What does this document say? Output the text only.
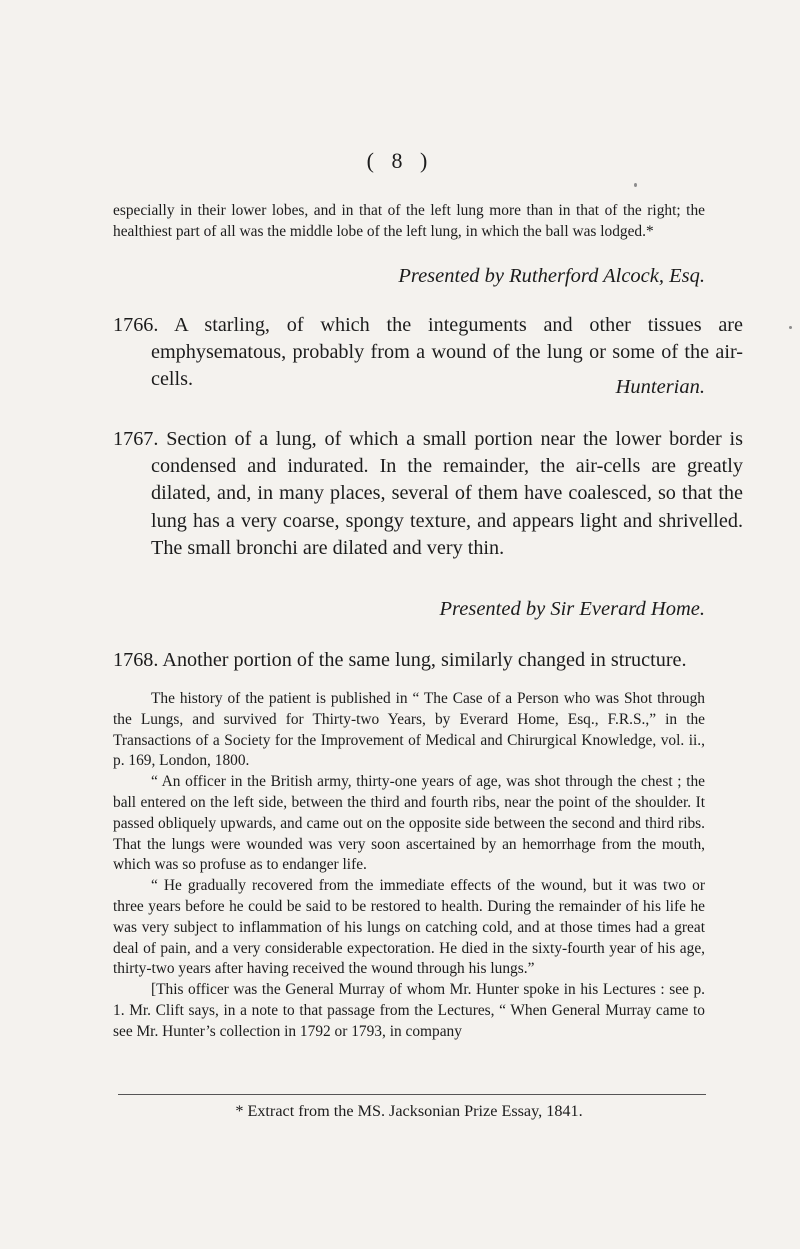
( 8 )

especially in their lower lobes, and in that of the left lung more than in that of the right; the healthiest part of all was the middle lobe of the left lung, in which the ball was lodged.*

Presented by Rutherford Alcock, Esq.
1766. A starling, of which the integuments and other tissues are emphysematous, probably from a wound of the lung or some of the air-cells.	Hunterian.
1767. Section of a lung, of which a small portion near the lower border is condensed and indurated. In the remainder, the air-cells are greatly dilated, and, in many places, several of them have coalesced, so that the lung has a very coarse, spongy texture, and appears light and shrivelled. The small bronchi are dilated and very thin.
Presented by Sir Everard Home.
1768. Another portion of the same lung, similarly changed in structure.

The history of the patient is published in “ The Case of a Person who was Shot through the Lungs, and survived for Thirty-two Years, by Everard Home, Esq., F.R.S.,” in the Transactions of a Society for the Improvement of Medical and Chirurgical Knowledge, vol. ii., p. 169, London, 1800.

“ An officer in the British army, thirty-one years of age, was shot through the chest ; the ball entered on the left side, between the third and fourth ribs, near the point of the shoulder. It passed obliquely upwards, and came out on the opposite side between the second and third ribs. That the lungs were wounded was very soon ascertained by an hemorrhage from the mouth, which was so profuse as to endanger life.

“ He gradually recovered from the immediate effects of the wound, but it was two or three years before he could be said to be restored to health. During the remainder of his life he was very subject to inflammation of his lungs on catching cold, and at those times had a great deal of pain, and a very considerable expectoration. He died in the sixty-fourth year of his age, thirty-two years after having received the wound through his lungs.”

[This officer was the General Murray of whom Mr. Hunter spoke in his Lectures : see p. 1. Mr. Clift says, in a note to that passage from the Lectures, “ When General Murray came to see Mr. Hunter’s collection in 1792 or 1793, in company

* Extract from the MS. Jacksonian Prize Essay, 1841.
